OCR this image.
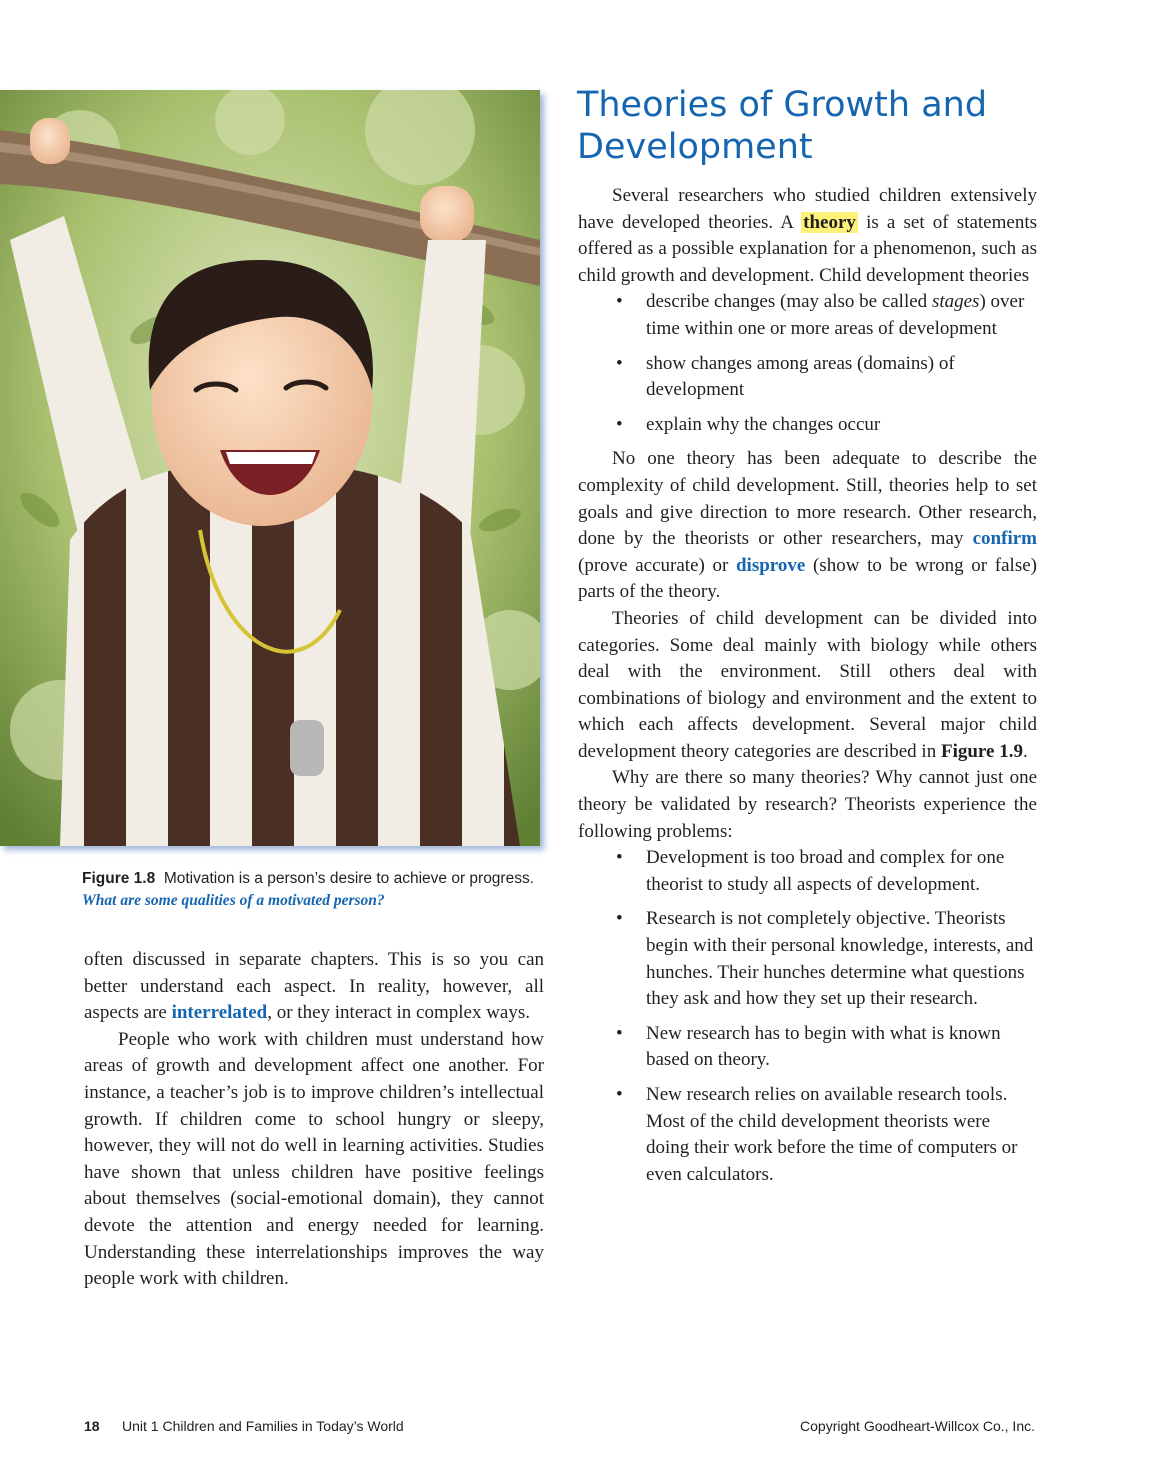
Figure 1.8 Motivation is a person’s desire to achieve or progress. What are some qualities of a motivated person?

often discussed in separate chapters. This is so you can better understand each aspect. In reality, however, all aspects are interrelated, or they interact in complex ways.

People who work with children must understand how areas of growth and development affect one another. For instance, a teacher’s job is to improve children’s intellectual growth. If children come to school hungry or sleepy, however, they will not do well in learning activities. Studies have shown that unless children have positive feelings about themselves (social-emotional domain), they cannot devote the attention and energy needed for learning. Understanding these interrelationships improves the way people work with children.

Theories of Growth and Development

Several researchers who studied children extensively have developed theories. A theory is a set of statements offered as a possible explanation for a phenomenon, such as child growth and development. Child development theories

• describe changes (may also be called stages) over time within one or more areas of development
• show changes among areas (domains) of development
• explain why the changes occur

No one theory has been adequate to describe the complexity of child development. Still, theories help to set goals and give direction to more research. Other research, done by the theorists or other researchers, may confirm (prove accurate) or disprove (show to be wrong or false) parts of the theory.

Theories of child development can be divided into categories. Some deal mainly with biology while others deal with the environment. Still others deal with combinations of biology and environment and the extent to which each affects development. Several major child development theory categories are described in Figure 1.9.

Why are there so many theories? Why cannot just one theory be validated by research? Theorists experience the following problems:

• Development is too broad and complex for one theorist to study all aspects of development.
• Research is not completely objective. Theorists begin with their personal knowledge, interests, and hunches. Their hunches determine what questions they ask and how they set up their research.
• New research has to begin with what is known based on theory.
• New research relies on available research tools. Most of the child development theorists were doing their work before the time of computers or even calculators.
18 Unit 1 Children and Families in Today’s World	Copyright Goodheart-Willcox Co., Inc.
